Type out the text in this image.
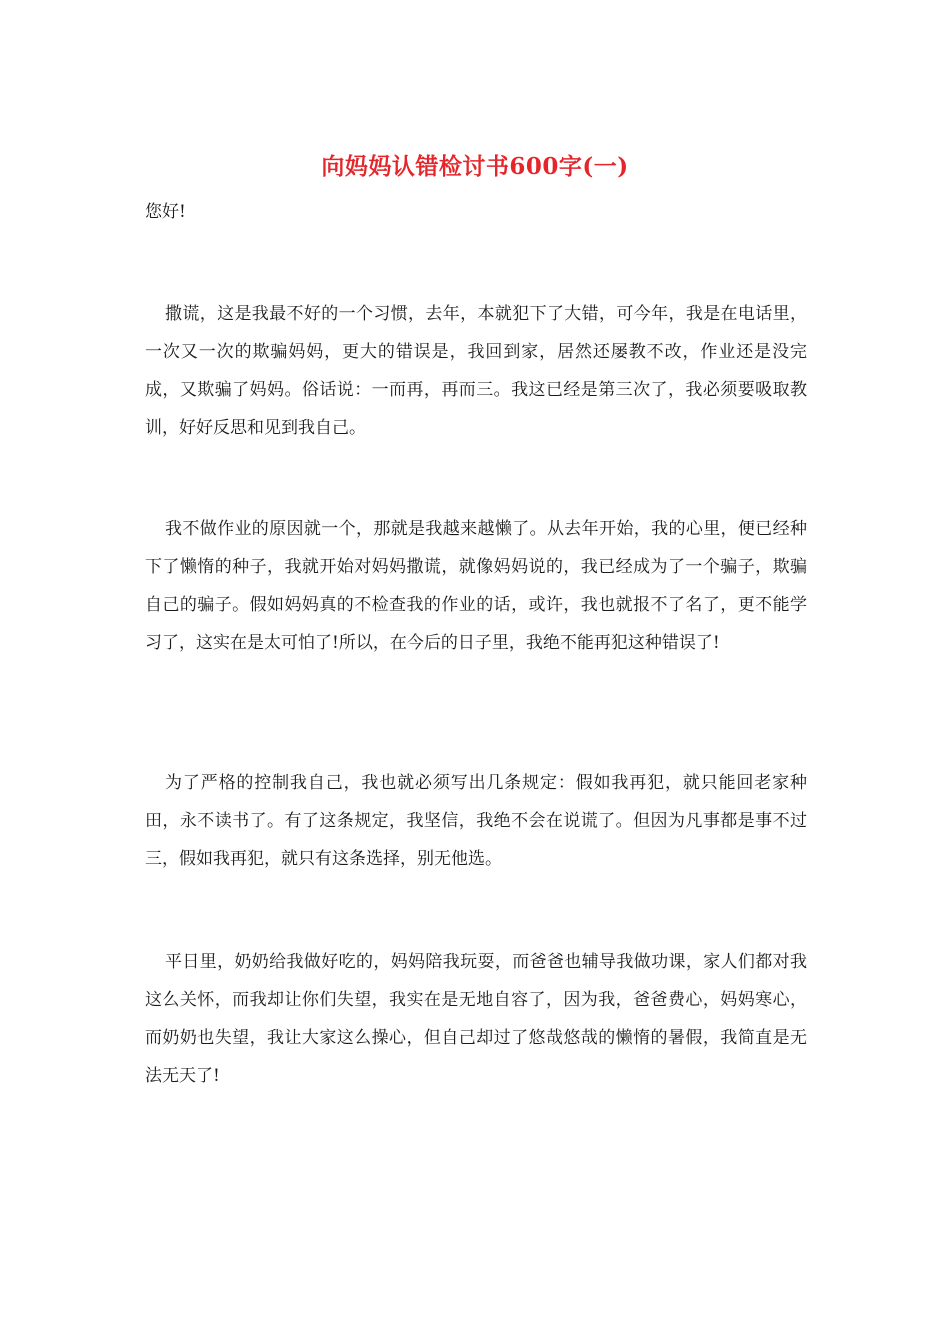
向妈妈认错检讨书600字(一)
您好!

撒谎，这是我最不好的一个习惯，去年，本就犯下了大错，可今年，我是在电话里，一次又一次的欺骗妈妈，更大的错误是，我回到家，居然还屡教不改，作业还是没完成，又欺骗了妈妈。俗话说：一而再，再而三。我这已经是第三次了，我必须要吸取教训，好好反思和见到我自己。

我不做作业的原因就一个，那就是我越来越懒了。从去年开始，我的心里，便已经种下了懒惰的种子，我就开始对妈妈撒谎，就像妈妈说的，我已经成为了一个骗子，欺骗自己的骗子。假如妈妈真的不检查我的作业的话，或许，我也就报不了名了，更不能学习了，这实在是太可怕了!所以，在今后的日子里，我绝不能再犯这种错误了!

为了严格的控制我自己，我也就必须写出几条规定：假如我再犯，就只能回老家种田，永不读书了。有了这条规定，我坚信，我绝不会在说谎了。但因为凡事都是事不过三，假如我再犯，就只有这条选择，别无他选。

平日里，奶奶给我做好吃的，妈妈陪我玩耍，而爸爸也辅导我做功课，家人们都对我这么关怀，而我却让你们失望，我实在是无地自容了，因为我，爸爸费心，妈妈寒心，而奶奶也失望，我让大家这么操心，但自己却过了悠哉悠哉的懒惰的暑假，我简直是无法无天了!
